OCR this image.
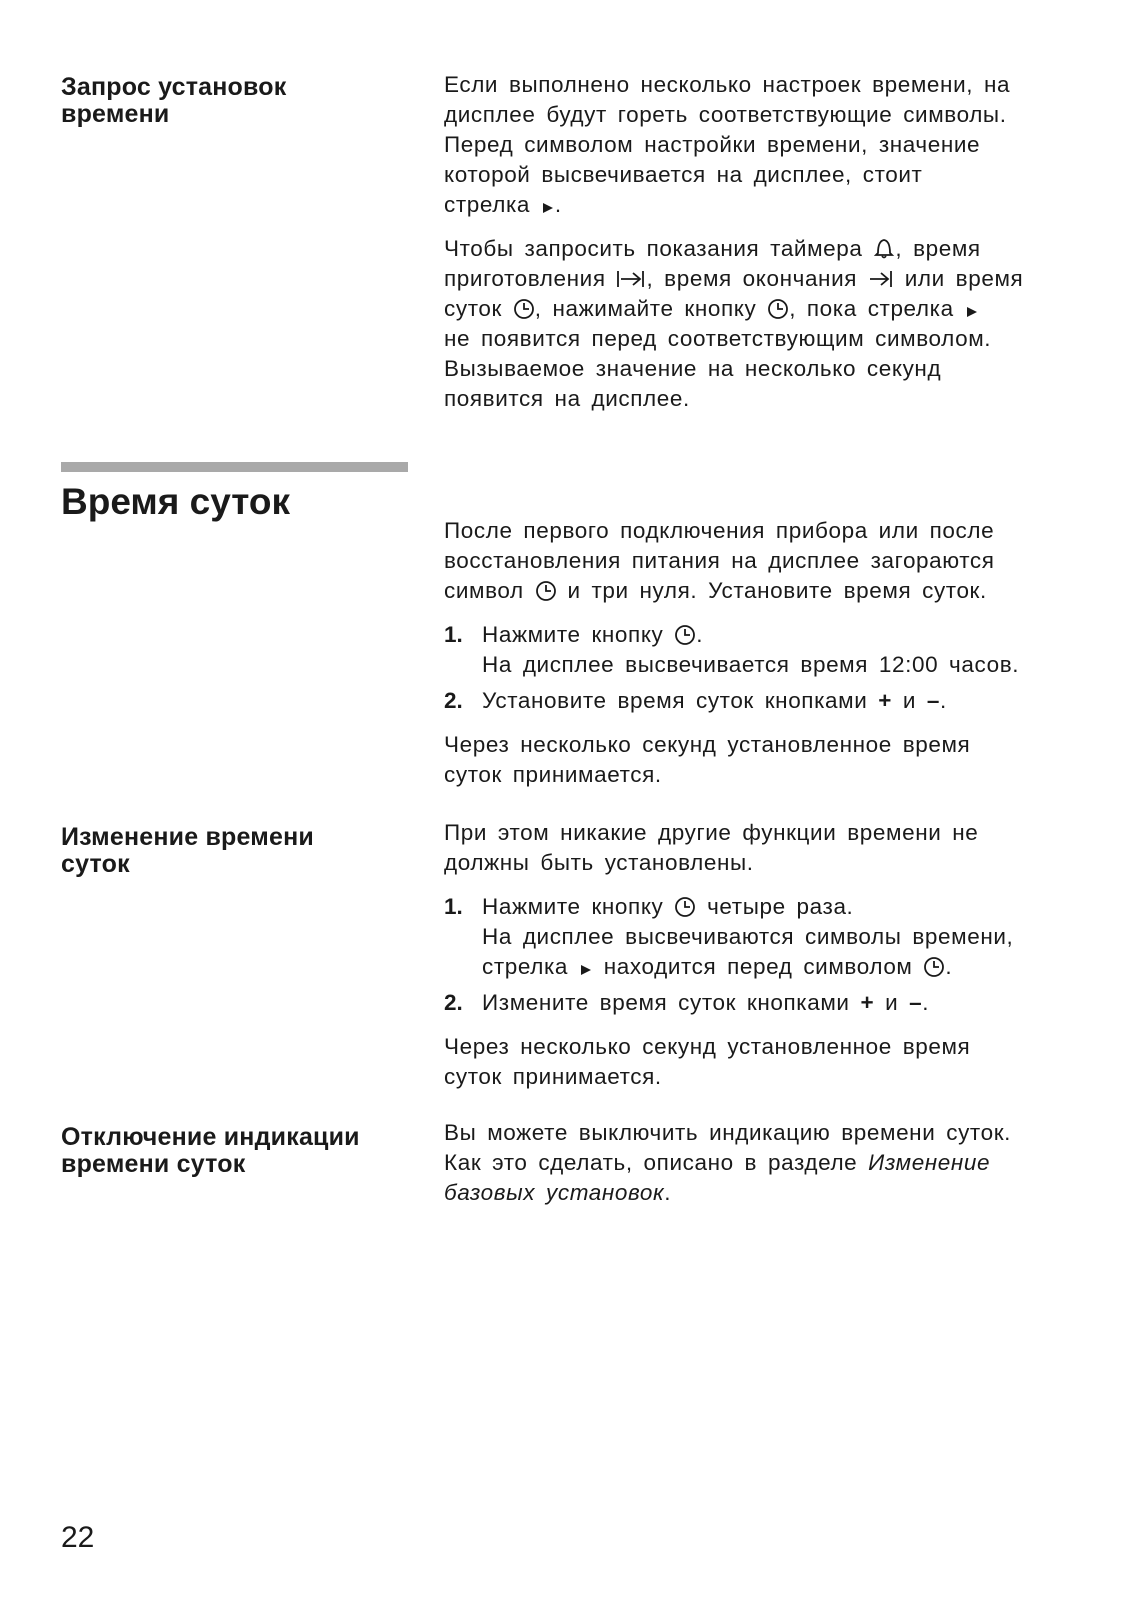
Запрос установок
времени

Если выполнено несколько настроек времени, на
дисплее будут гореть соответствующие символы.
Перед символом настройки времени, значение
которой высвечивается на дисплее, стоит
стрелка .

Чтобы запросить показания таймера , время
приготовления , время окончания или время
суток , нажимайте кнопку , пока стрелка
не появится перед соответствующим символом.
Вызываемое значение на несколько секунд
появится на дисплее.

Время суток

После первого подключения прибора или после
восстановления питания на дисплее загораются
символ и три нуля. Установите время суток.

1. Нажмите кнопку .
На дисплее высвечивается время 12:00 часов.
2. Установите время суток кнопками + и –.

Через несколько секунд установленное время
суток принимается.

Изменение времени
суток

При этом никакие другие функции времени не
должны быть установлены.

1. Нажмите кнопку четыре раза.
На дисплее высвечиваются символы времени,
стрелка находится перед символом .
2. Измените время суток кнопками + и –.

Через несколько секунд установленное время
суток принимается.

Отключение индикации
времени суток

Вы можете выключить индикацию времени суток.
Как это сделать, описано в разделе Изменение
базовых установок.

22
